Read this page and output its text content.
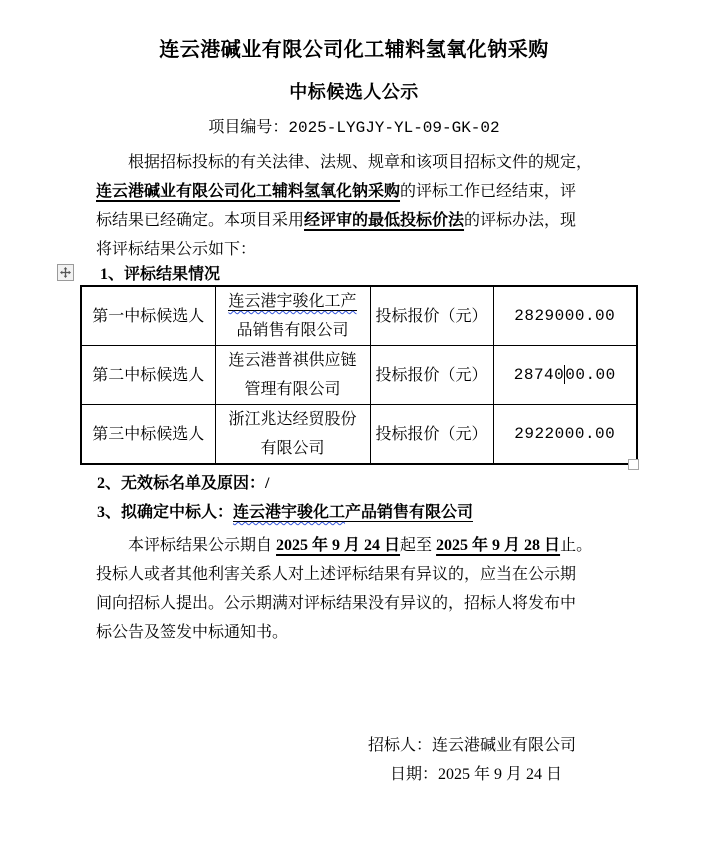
连云港碱业有限公司化工辅料氢氧化钠采购
中标候选人公示
项目编号：2025-LYGJY-YL-09-GK-02
根据招标投标的有关法律、法规、规章和该项目招标文件的规定，
连云港碱业有限公司化工辅料氢氧化钠采购的评标工作已经结束，评
标结果已经确定。本项目采用经评审的最低投标价法的评标办法，现
将评标结果公示如下：
1、评标结果情况
第一中标候选人	连云港宇骏化工产
品销售有限公司	投标报价（元）	2829000.00
第二中标候选人	连云港普祺供应链
管理有限公司	投标报价（元）	2874000.00
第三中标候选人	浙江兆达经贸股份
有限公司	投标报价（元）	2922000.00
2、无效标名单及原因：/
3、拟确定中标人：连云港宇骏化工产品销售有限公司
本评标结果公示期自 2025 年 9 月 24 日起至 2025 年 9 月 28 日止。
投标人或者其他利害关系人对上述评标结果有异议的，应当在公示期
间向招标人提出。公示期满对评标结果没有异议的，招标人将发布中
标公告及签发中标通知书。
招标人：连云港碱业有限公司
日期：2025 年 9 月 24 日
